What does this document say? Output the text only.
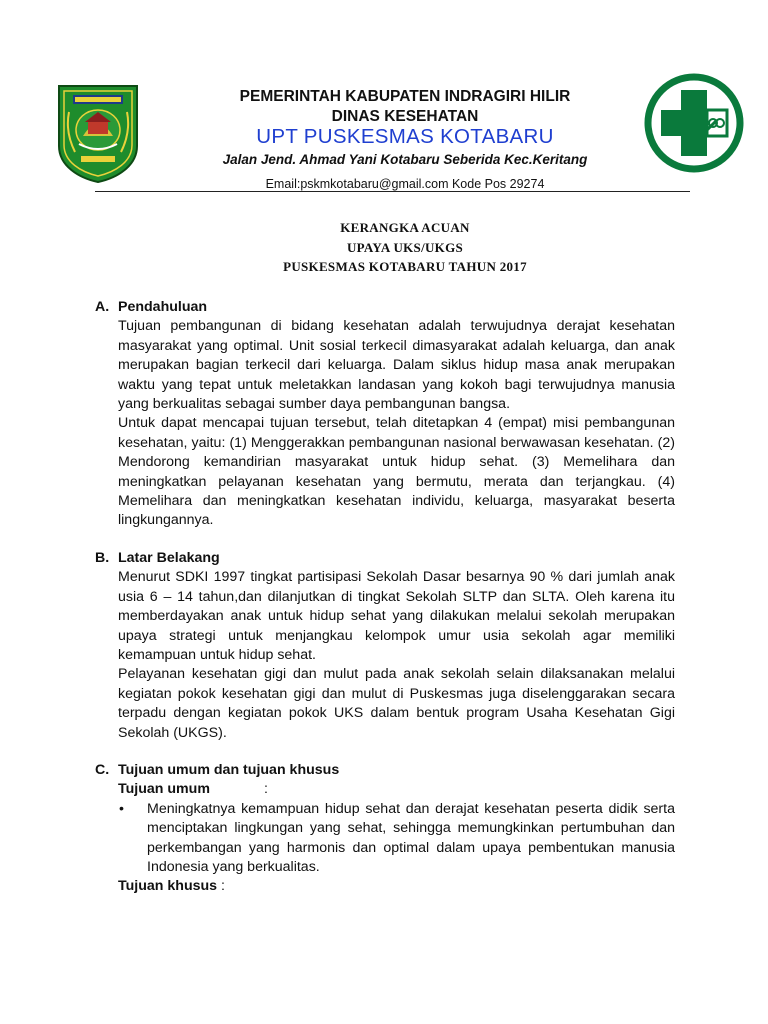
PEMERINTAH KABUPATEN INDRAGIRI HILIR
DINAS KESEHATAN
UPT PUSKESMAS KOTABARU
Jalan Jend. Ahmad Yani Kotabaru Seberida Kec.Keritang
Email:pskmkotabaru@gmail.com Kode Pos 29274
KERANGKA ACUAN
UPAYA UKS/UKGS
PUSKESMAS KOTABARU TAHUN 2017
A. Pendahuluan
Tujuan pembangunan di bidang kesehatan adalah terwujudnya derajat kesehatan masyarakat yang optimal. Unit sosial terkecil dimasyarakat adalah keluarga, dan anak merupakan bagian terkecil dari keluarga. Dalam siklus hidup masa anak merupakan waktu yang tepat untuk meletakkan landasan yang kokoh bagi terwujudnya manusia yang berkualitas sebagai sumber daya pembangunan bangsa.
Untuk dapat mencapai tujuan tersebut, telah ditetapkan 4 (empat) misi pembangunan kesehatan, yaitu: (1) Menggerakkan pembangunan nasional berwawasan kesehatan. (2) Mendorong kemandirian masyarakat untuk hidup sehat. (3) Memelihara dan meningkatkan pelayanan kesehatan yang bermutu, merata dan terjangkau. (4) Memelihara dan meningkatkan kesehatan individu, keluarga, masyarakat beserta lingkungannya.
B. Latar Belakang
Menurut SDKI 1997 tingkat partisipasi Sekolah Dasar besarnya 90 % dari jumlah anak usia 6 – 14 tahun,dan dilanjutkan di tingkat Sekolah SLTP dan SLTA. Oleh karena itu memberdayakan anak untuk hidup sehat yang dilakukan melalui sekolah merupakan upaya strategi untuk menjangkau kelompok umur usia sekolah agar memiliki kemampuan untuk hidup sehat.
Pelayanan kesehatan gigi dan mulut pada anak sekolah selain dilaksanakan melalui kegiatan pokok kesehatan gigi dan mulut di Puskesmas juga diselenggarakan secara terpadu dengan kegiatan pokok UKS dalam bentuk program Usaha Kesehatan Gigi Sekolah (UKGS).
C. Tujuan umum dan tujuan khusus
Tujuan umum	:
• Meningkatnya kemampuan hidup sehat dan derajat kesehatan peserta didik serta menciptakan lingkungan yang sehat, sehingga memungkinkan pertumbuhan dan perkembangan yang harmonis dan optimal dalam upaya pembentukan manusia Indonesia yang berkualitas.
Tujuan khusus :
